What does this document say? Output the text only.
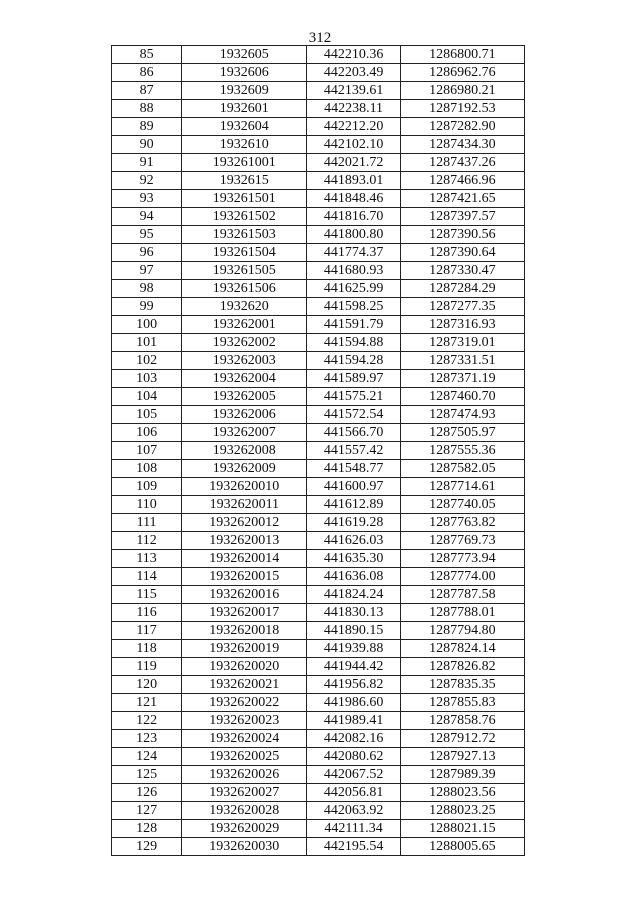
312
85	1932605	442210.36	1286800.71
86	1932606	442203.49	1286962.76
87	1932609	442139.61	1286980.21
88	1932601	442238.11	1287192.53
89	1932604	442212.20	1287282.90
90	1932610	442102.10	1287434.30
91	193261001	442021.72	1287437.26
92	1932615	441893.01	1287466.96
93	193261501	441848.46	1287421.65
94	193261502	441816.70	1287397.57
95	193261503	441800.80	1287390.56
96	193261504	441774.37	1287390.64
97	193261505	441680.93	1287330.47
98	193261506	441625.99	1287284.29
99	1932620	441598.25	1287277.35
100	193262001	441591.79	1287316.93
101	193262002	441594.88	1287319.01
102	193262003	441594.28	1287331.51
103	193262004	441589.97	1287371.19
104	193262005	441575.21	1287460.70
105	193262006	441572.54	1287474.93
106	193262007	441566.70	1287505.97
107	193262008	441557.42	1287555.36
108	193262009	441548.77	1287582.05
109	1932620010	441600.97	1287714.61
110	1932620011	441612.89	1287740.05
111	1932620012	441619.28	1287763.82
112	1932620013	441626.03	1287769.73
113	1932620014	441635.30	1287773.94
114	1932620015	441636.08	1287774.00
115	1932620016	441824.24	1287787.58
116	1932620017	441830.13	1287788.01
117	1932620018	441890.15	1287794.80
118	1932620019	441939.88	1287824.14
119	1932620020	441944.42	1287826.82
120	1932620021	441956.82	1287835.35
121	1932620022	441986.60	1287855.83
122	1932620023	441989.41	1287858.76
123	1932620024	442082.16	1287912.72
124	1932620025	442080.62	1287927.13
125	1932620026	442067.52	1287989.39
126	1932620027	442056.81	1288023.56
127	1932620028	442063.92	1288023.25
128	1932620029	442111.34	1288021.15
129	1932620030	442195.54	1288005.65
